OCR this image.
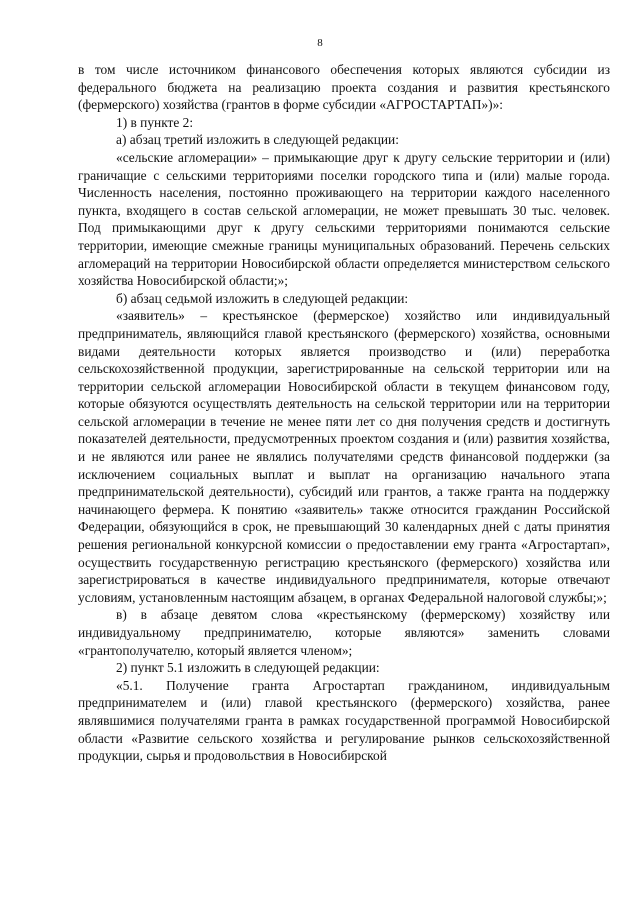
8

в том числе источником финансового обеспечения которых являются субсидии из федерального бюджета на реализацию проекта создания и развития крестьянского (фермерского) хозяйства (грантов в форме субсидии «АГРОСТАРТАП»)»:

1) в пункте 2:

а) абзац третий изложить в следующей редакции:

«сельские агломерации» – примыкающие друг к другу сельские территории и (или) граничащие с сельскими территориями поселки городского типа и (или) малые города. Численность населения, постоянно проживающего на территории каждого населенного пункта, входящего в состав сельской агломерации, не может превышать 30 тыс. человек. Под примыкающими друг к другу сельскими территориями понимаются сельские территории, имеющие смежные границы муниципальных образований. Перечень сельских агломераций на территории Новосибирской области определяется министерством сельского хозяйства Новосибирской области;»;

б) абзац седьмой изложить в следующей редакции:

«заявитель» – крестьянское (фермерское) хозяйство или индивидуальный предприниматель, являющийся главой крестьянского (фермерского) хозяйства, основными видами деятельности которых является производство и (или) переработка сельскохозяйственной продукции, зарегистрированные на сельской территории или на территории сельской агломерации Новосибирской области в текущем финансовом году, которые обязуются осуществлять деятельность на сельской территории или на территории сельской агломерации в течение не менее пяти лет со дня получения средств и достигнуть показателей деятельности, предусмотренных проектом создания и (или) развития хозяйства, и не являются или ранее не являлись получателями средств финансовой поддержки (за исключением социальных выплат и выплат на организацию начального этапа предпринимательской деятельности), субсидий или грантов, а также гранта на поддержку начинающего фермера. К понятию «заявитель» также относится гражданин Российской Федерации, обязующийся в срок, не превышающий 30 календарных дней с даты принятия решения региональной конкурсной комиссии о предоставлении ему гранта «Агростартап», осуществить государственную регистрацию крестьянского (фермерского) хозяйства или зарегистрироваться в качестве индивидуального предпринимателя, которые отвечают условиям, установленным настоящим абзацем, в органах Федеральной налоговой службы;»;

в) в абзаце девятом слова «крестьянскому (фермерскому) хозяйству или индивидуальному предпринимателю, которые являются» заменить словами «грантополучателю, который является членом»;

2) пункт 5.1 изложить в следующей редакции:

«5.1. Получение гранта Агростартап гражданином, индивидуальным предпринимателем и (или) главой крестьянского (фермерского) хозяйства, ранее являвшимися получателями гранта в рамках государственной программой Новосибирской области «Развитие сельского хозяйства и регулирование рынков сельскохозяйственной продукции, сырья и продовольствия в Новосибирской
